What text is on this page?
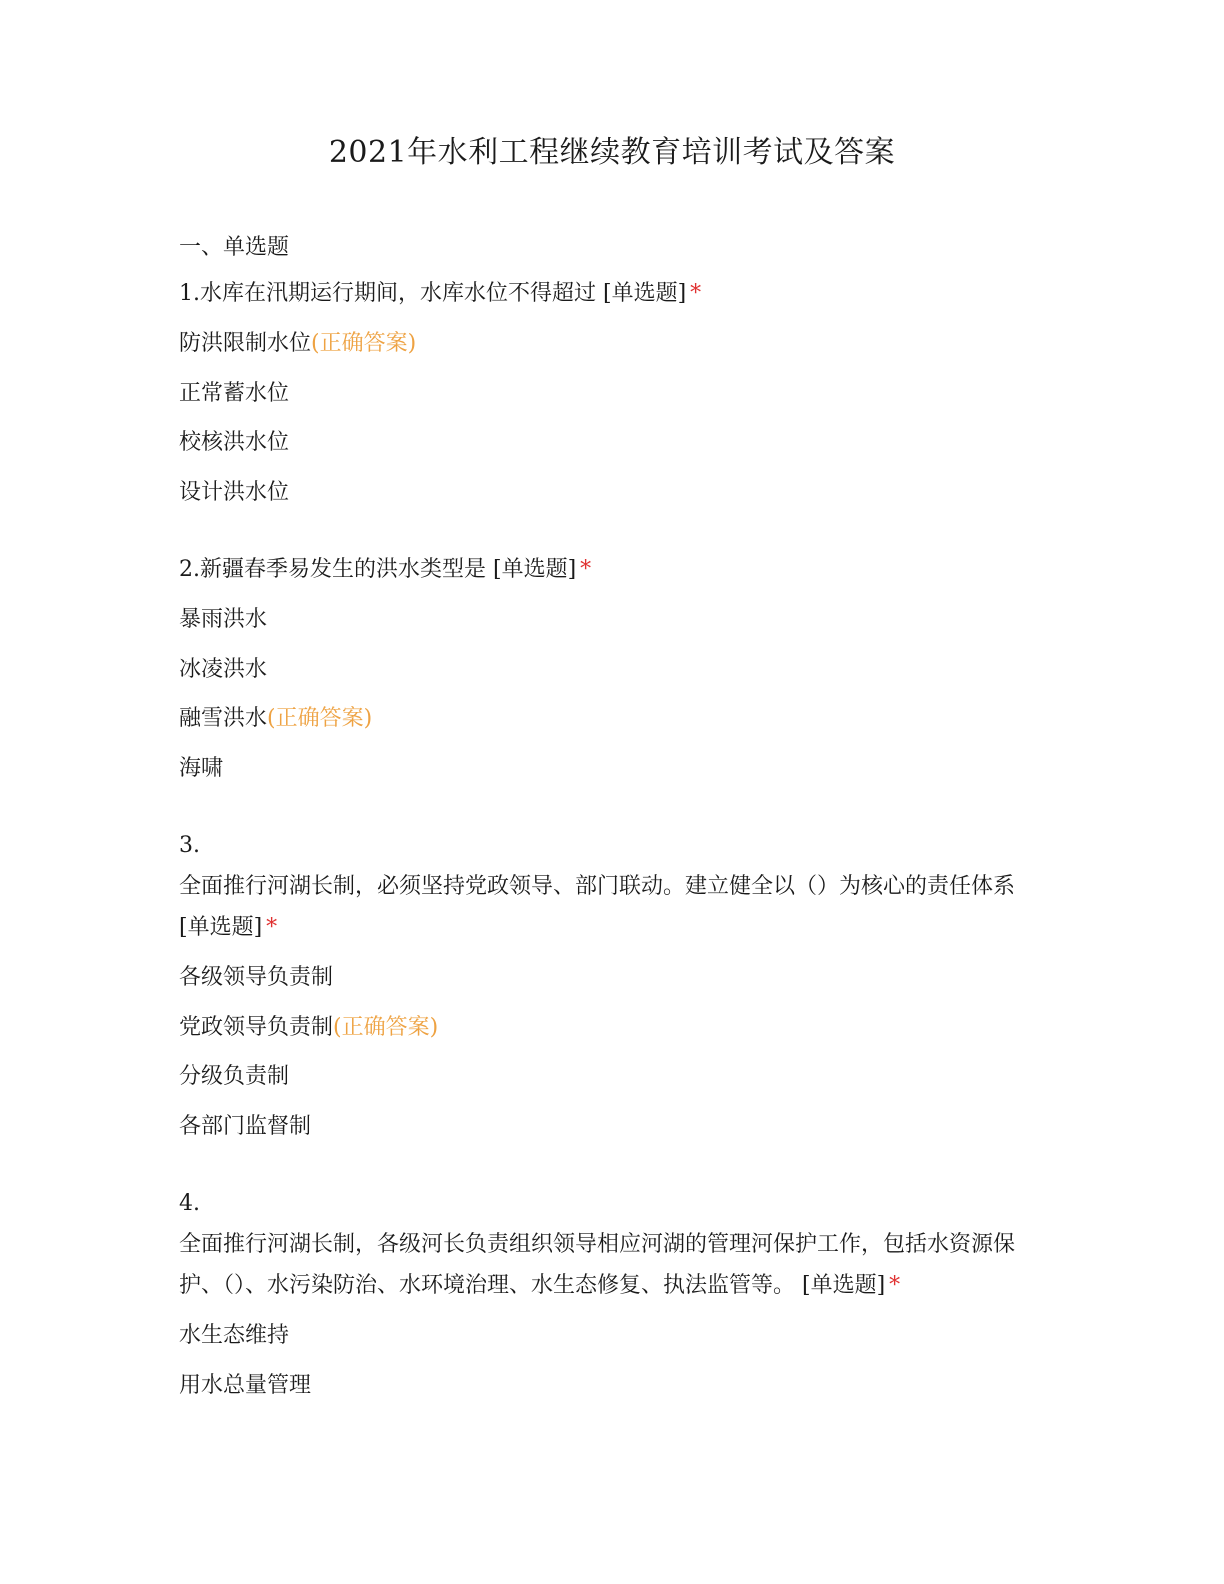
2021年水利工程继续教育培训考试及答案
一、单选题
1.水库在汛期运行期间，水库水位不得超过 [单选题] *
防洪限制水位(正确答案)
正常蓄水位
校核洪水位
设计洪水位
2.新疆春季易发生的洪水类型是 [单选题] *
暴雨洪水
冰凌洪水
融雪洪水(正确答案)
海啸
3.
全面推行河湖长制，必须坚持党政领导、部门联动。建立健全以（）为核心的责任体系 [单选题] *
各级领导负责制
党政领导负责制(正确答案)
分级负责制
各部门监督制
4.
全面推行河湖长制，各级河长负责组织领导相应河湖的管理河保护工作，包括水资源保护、（）、水污染防治、水环境治理、水生态修复、执法监管等。 [单选题] *
水生态维持
用水总量管理
